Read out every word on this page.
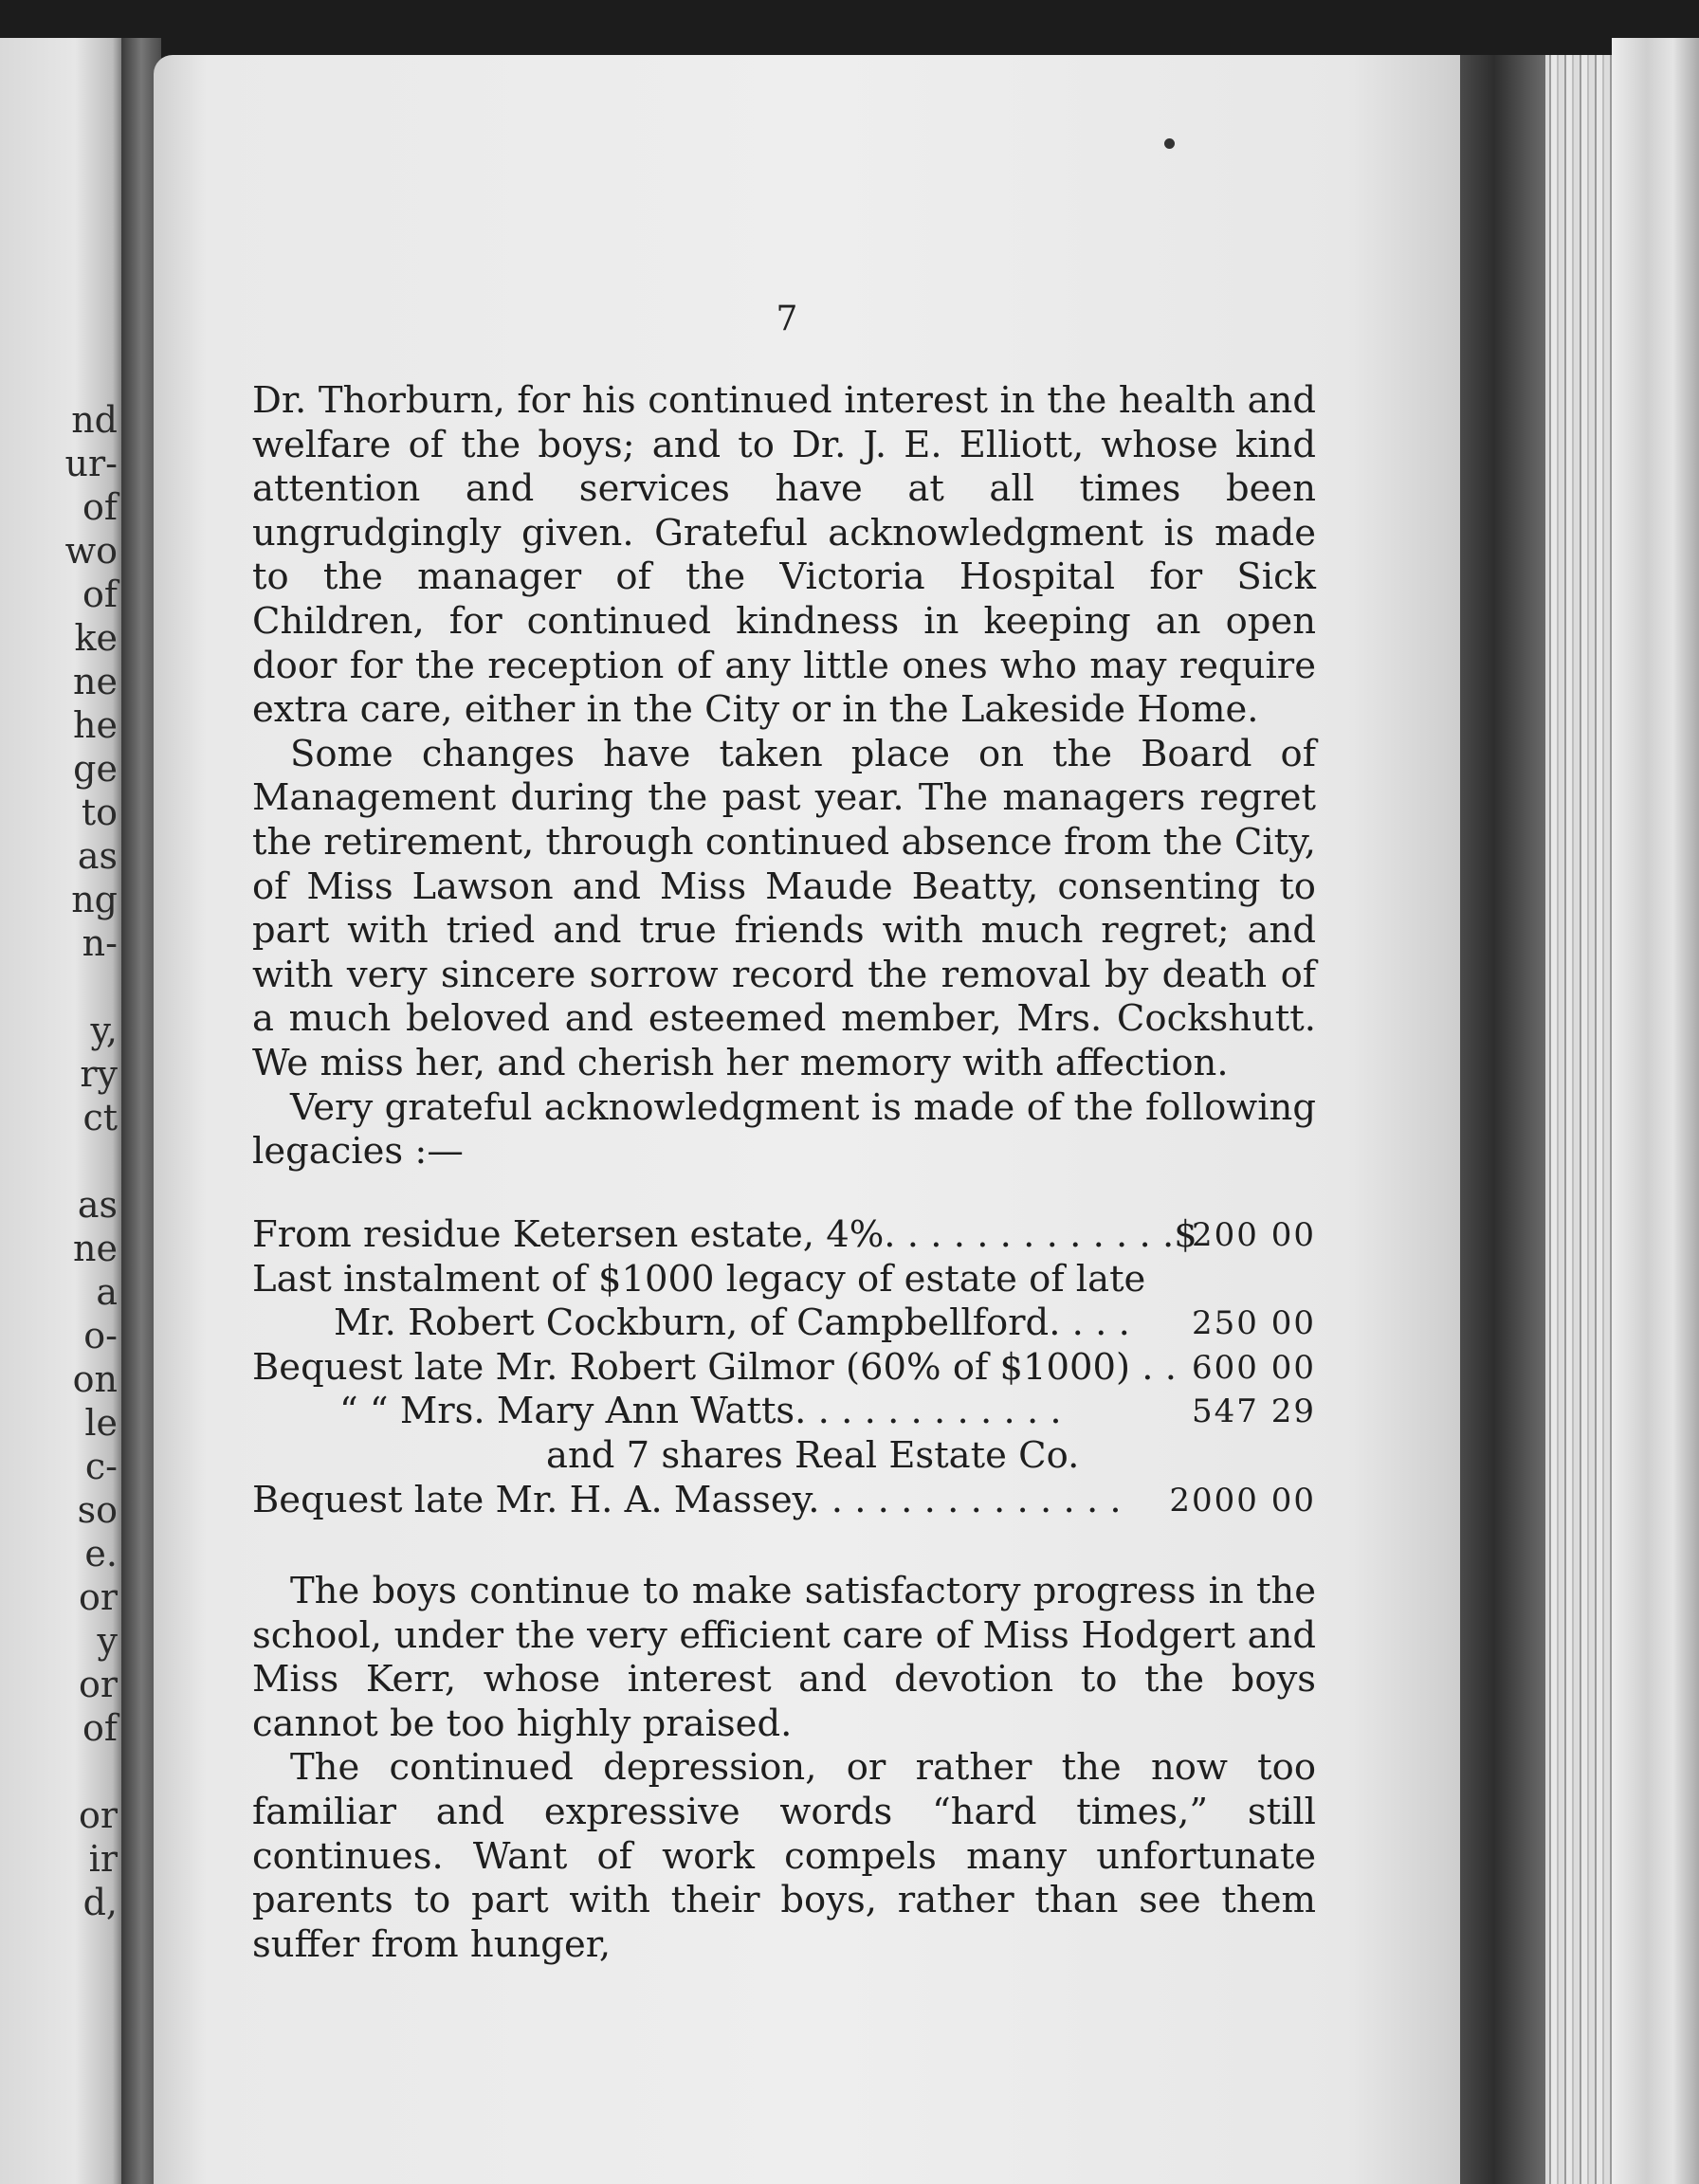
nd
ur-
of
wo
of
ke
ne
he
ge
to
as
ng
n-
y,
ry
ct
as
ne
a
o-
on
le
c-
so
e.
or
y
or
of
or
ir
d,
7

Dr. Thorburn, for his continued interest in the health and welfare of the boys; and to Dr. J. E. Elliott, whose kind attention and services have at all times been ungrudgingly given. Grateful acknowledgment is made to the manager of the Victoria Hospital for Sick Children, for continued kindness in keeping an open door for the reception of any little ones who may require extra care, either in the City or in the Lakeside Home.

Some changes have taken place on the Board of Management during the past year. The managers regret the retirement, through continued absence from the City, of Miss Lawson and Miss Maude Beatty, consenting to part with tried and true friends with much regret; and with very sincere sorrow record the removal by death of a much beloved and esteemed member, Mrs. Cockshutt. We miss her, and cherish her memory with affection.

Very grateful acknowledgment is made of the following legacies :—

From residue Ketersen estate, 4%. . . . . . . . . . . . .$
200 00
Last instalment of $1000 legacy of estate of late
Mr. Robert Cockburn, of Campbellford. . . . 250 00
Bequest late Mr. Robert Gilmor (60% of $1000) . . 600 00
“ “ Mrs. Mary Ann Watts. . . . . . . . . . . .	547 29
and 7 shares Real Estate Co.
Bequest late Mr. H. A. Massey. . . . . . . . . . . . . . 2000 00

The boys continue to make satisfactory progress in the school, under the very efficient care of Miss Hodgert and Miss Kerr, whose interest and devotion to the boys cannot be too highly praised.

The continued depression, or rather the now too familiar and expressive words “hard times,” still continues. Want of work compels many unfortunate parents to part with their boys, rather than see them suffer from hunger,
